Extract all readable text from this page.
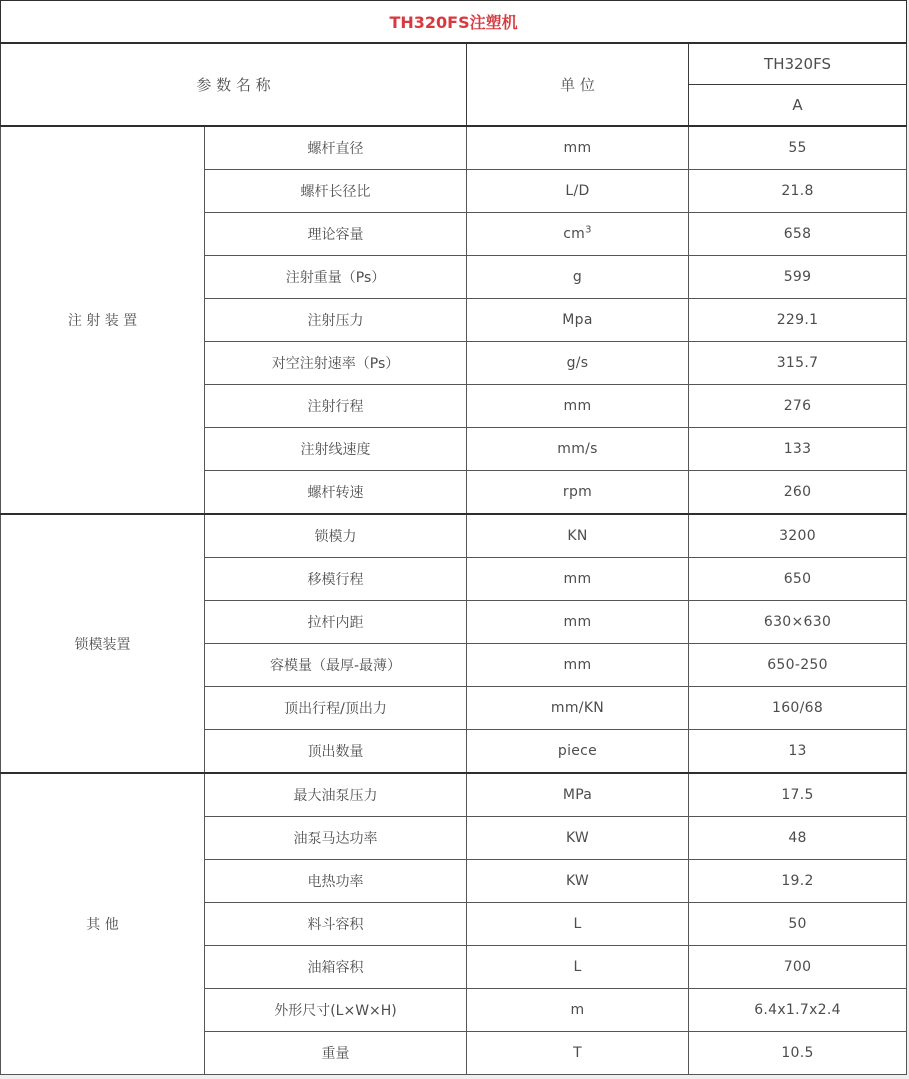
TH320FS注塑机			
参 数 名 称		单 位	TH320FS
			A
注 射 装 置	螺杆直径	mm	55
	螺杆长径比	L/D	21.8
	理论容量	$cm^3$	658
	注射重量（Ps）	g	599
	注射压力	Mpa	229.1
	对空注射速率（Ps）	g/s	315.7
	注射行程	mm	276
	注射线速度	mm/s	133
	螺杆转速	rpm	260
锁模装置	锁模力	KN	3200
	移模行程	mm	650
	拉杆内距	mm	630×630
	容模量（最厚-最薄）	mm	650-250
	顶出行程/顶出力	mm/KN	160/68
	顶出数量	piece	13
其 他	最大油泵压力	MPa	17.5
	油泵马达功率	KW	48
	电热功率	KW	19.2
	料斗容积	L	50
	油箱容积	L	700
	外形尺寸(L×W×H)	m	6.4x1.7x2.4
	重量	T	10.5
